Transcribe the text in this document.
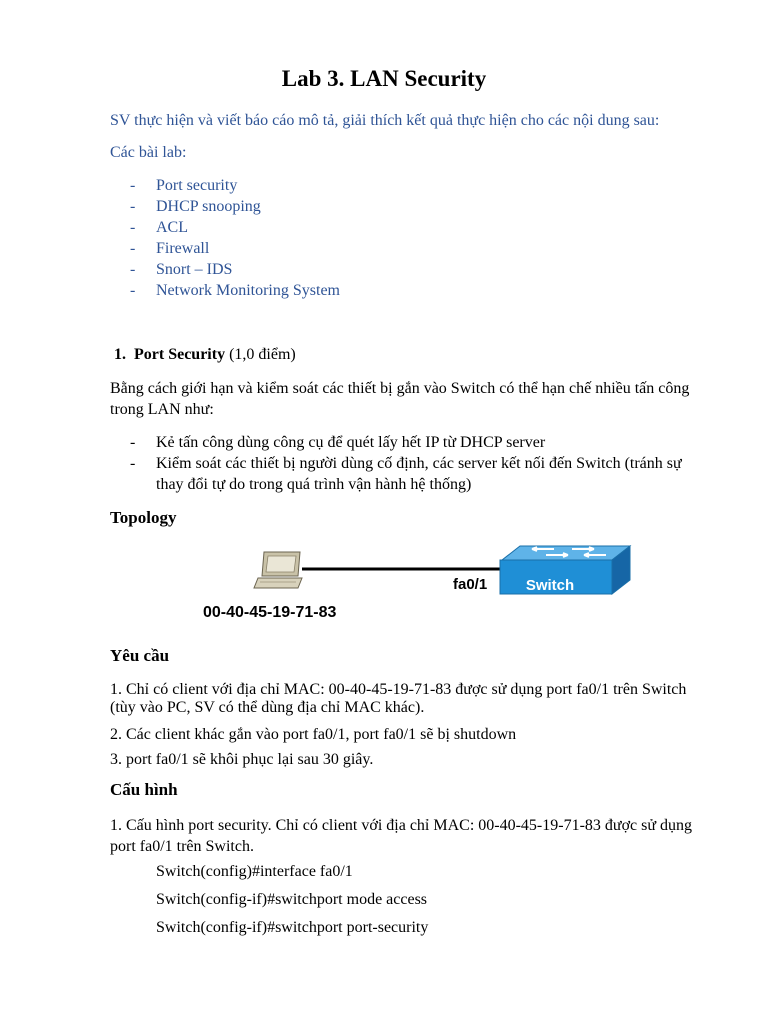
Lab 3. LAN Security
SV thực hiện và viết báo cáo mô tả, giải thích kết quả thực hiện cho các nội dung sau:
Các bài lab:
- Port security
- DHCP snooping
- ACL
- Firewall
- Snort – IDS
- Network Monitoring System
1. Port Security (1,0 điểm)
Bằng cách giới hạn và kiểm soát các thiết bị gắn vào Switch có thể hạn chế nhiều tấn công trong LAN như:
- Kẻ tấn công dùng công cụ để quét lấy hết IP từ DHCP server
- Kiểm soát các thiết bị người dùng cố định, các server kết nối đến Switch (tránh sự thay đổi tự do trong quá trình vận hành hệ thống)
Topology
Switch
fa0/1
00-40-45-19-71-83
Yêu cầu
1. Chỉ có client với địa chỉ MAC: 00-40-45-19-71-83 được sử dụng port fa0/1 trên Switch (tùy vào PC, SV có thể dùng địa chỉ MAC khác).
2. Các client khác gắn vào port fa0/1, port fa0/1 sẽ bị shutdown
3. port fa0/1 sẽ khôi phục lại sau 30 giây.
Cấu hình
1. Cấu hình port security. Chỉ có client với địa chỉ MAC: 00-40-45-19-71-83 được sử dụng port fa0/1 trên Switch.
Switch(config)#interface fa0/1
Switch(config-if)#switchport mode access
Switch(config-if)#switchport port-security
